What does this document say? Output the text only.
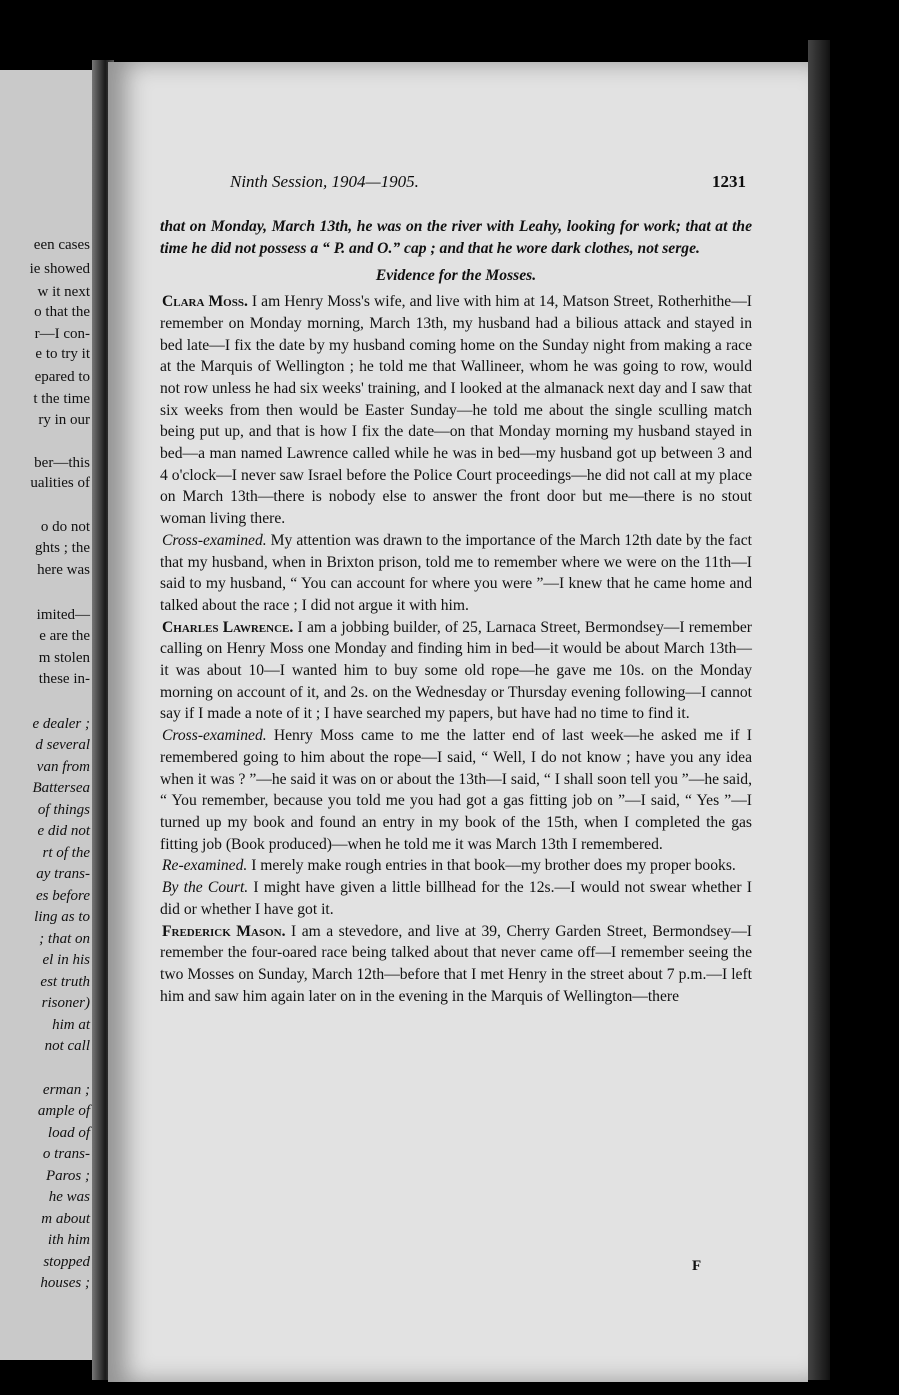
een cases
ie showed
w it next
o that the
r—I con-
e to try it
epared to
t the time
ry in our
ber—this
ualities of
o do not
ghts ; the
here was
imited—
e are the
m stolen
these in-
e dealer ;
d several
van from
Battersea
of things
e did not
rt of the
ay trans-
es before
ling as to
; that on
el in his
est truth
risoner)
him at
not call
erman ;
ample of
load of
o trans-
Paros ;
he was
m about
ith him
stopped
houses ;
Ninth Session, 1904—1905.	1231

that on Monday, March 13th, he was on the river with Leahy, looking for work; that at the time he did not possess a “ P. and O.” cap ; and that he wore dark clothes, not serge.

Evidence for the Mosses.

Clara Moss. I am Henry Moss's wife, and live with him at 14, Matson Street, Rotherhithe—I remember on Monday morning, March 13th, my husband had a bilious attack and stayed in bed late—I fix the date by my husband coming home on the Sunday night from making a race at the Marquis of Wellington ; he told me that Wallineer, whom he was going to row, would not row unless he had six weeks' training, and I looked at the almanack next day and I saw that six weeks from then would be Easter Sunday—he told me about the single sculling match being put up, and that is how I fix the date—on that Monday morning my husband stayed in bed—a man named Lawrence called while he was in bed—my husband got up between 3 and 4 o'clock—I never saw Israel before the Police Court proceedings—he did not call at my place on March 13th—there is nobody else to answer the front door but me—there is no stout woman living there.

Cross-examined. My attention was drawn to the importance of the March 12th date by the fact that my husband, when in Brixton prison, told me to remember where we were on the 11th—I said to my husband, “ You can account for where you were ”—I knew that he came home and talked about the race ; I did not argue it with him.

Charles Lawrence. I am a jobbing builder, of 25, Larnaca Street, Bermondsey—I remember calling on Henry Moss one Monday and finding him in bed—it would be about March 13th—it was about 10—I wanted him to buy some old rope—he gave me 10s. on the Monday morning on account of it, and 2s. on the Wednesday or Thursday evening following—I cannot say if I made a note of it ; I have searched my papers, but have had no time to find it.

Cross-examined. Henry Moss came to me the latter end of last week—he asked me if I remembered going to him about the rope—I said, “ Well, I do not know ; have you any idea when it was ? ”—he said it was on or about the 13th—I said, “ I shall soon tell you ”—he said, “ You remember, because you told me you had got a gas fitting job on ”—I said, “ Yes ”—I turned up my book and found an entry in my book of the 15th, when I completed the gas fitting job (Book produced)—when he told me it was March 13th I remembered.

Re-examined. I merely make rough entries in that book—my brother does my proper books.

By the Court. I might have given a little billhead for the 12s.—I would not swear whether I did or whether I have got it.

Frederick Mason. I am a stevedore, and live at 39, Cherry Garden Street, Bermondsey—I remember the four-oared race being talked about that never came off—I remember seeing the two Mosses on Sunday, March 12th—before that I met Henry in the street about 7 p.m.—I left him and saw him again later on in the evening in the Marquis of Wellington—there

F
